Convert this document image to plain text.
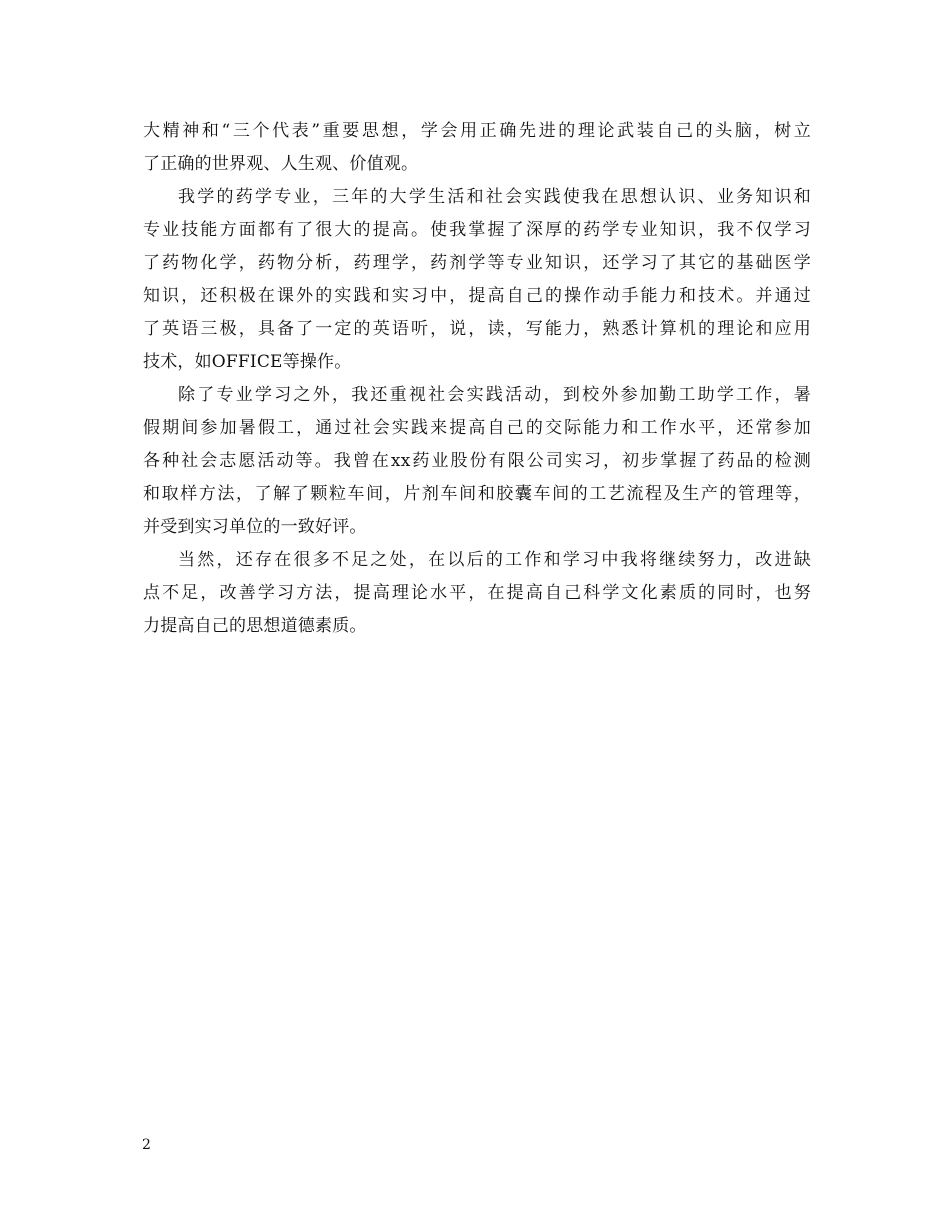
大精神和“三个代表”重要思想，学会用正确先进的理论武装自己的头脑，树立
了正确的世界观、人生观、价值观。
我学的药学专业，三年的大学生活和社会实践使我在思想认识、业务知识和
专业技能方面都有了很大的提高。使我掌握了深厚的药学专业知识，我不仅学习
了药物化学，药物分析，药理学，药剂学等专业知识，还学习了其它的基础医学
知识，还积极在课外的实践和实习中，提高自己的操作动手能力和技术。并通过
了英语三极，具备了一定的英语听，说，读，写能力，熟悉计算机的理论和应用
技术，如OFFICE等操作。
除了专业学习之外，我还重视社会实践活动，到校外参加勤工助学工作，暑
假期间参加暑假工，通过社会实践来提高自己的交际能力和工作水平，还常参加
各种社会志愿活动等。我曾在xx药业股份有限公司实习，初步掌握了药品的检测
和取样方法，了解了颗粒车间，片剂车间和胶囊车间的工艺流程及生产的管理等，
并受到实习单位的一致好评。
当然，还存在很多不足之处，在以后的工作和学习中我将继续努力，改进缺
点不足，改善学习方法，提高理论水平，在提高自己科学文化素质的同时，也努
力提高自己的思想道德素质。
2
